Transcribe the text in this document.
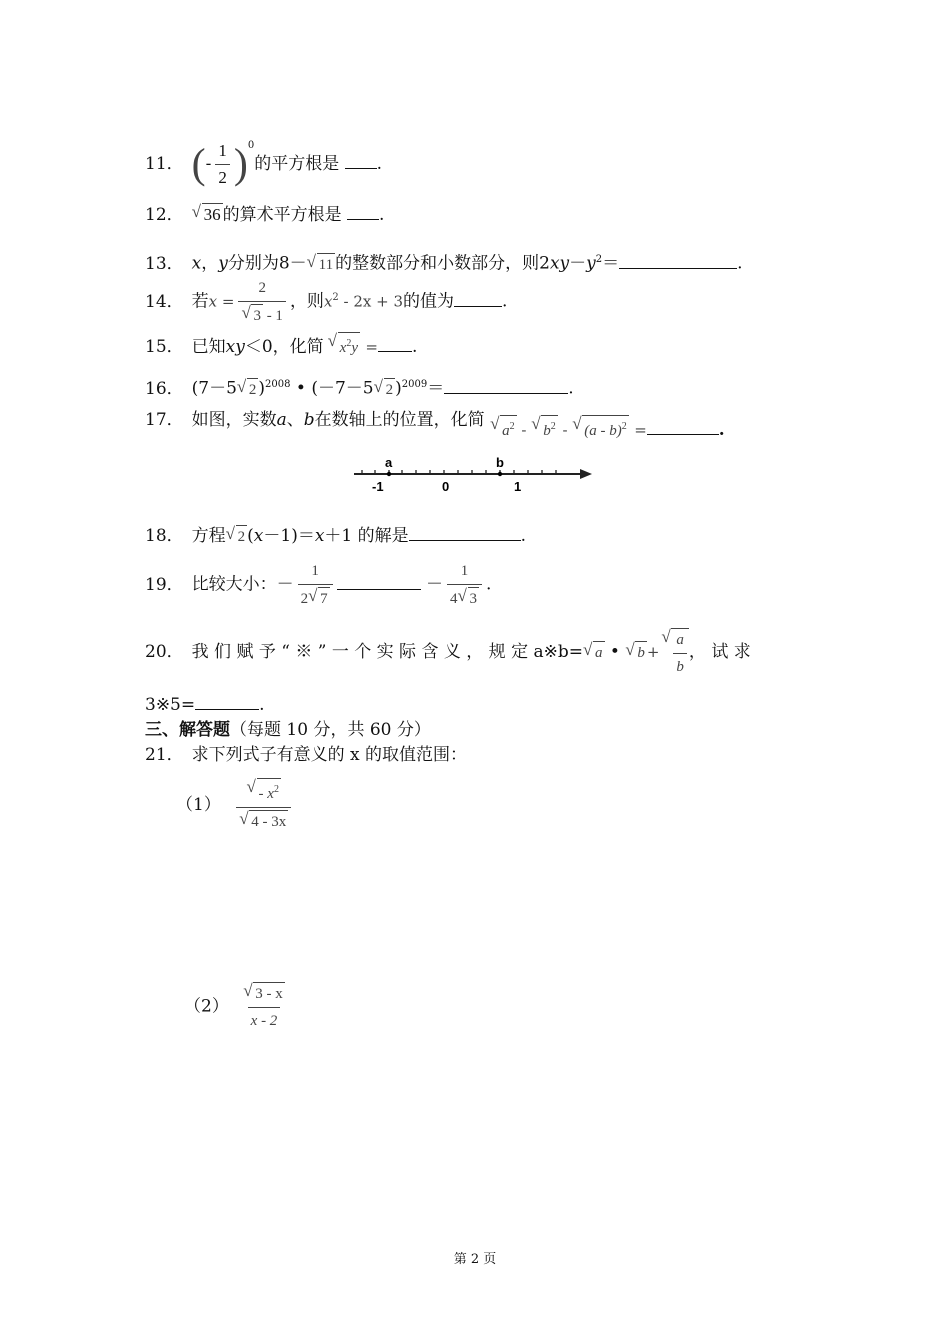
11． (- $\frac{1}{2} )^0$的平方根是 .
12． √ 36 的算术平方根是 .
13． x，y分别为8－ √ 11 的整数部分和小数部分，则$2xy-y^2=$	.
14． 若x = 2
√ 3 - 1 ，则$x^2 - 2x + 3$的值为	.
15． 已知xy＜0，化简 √ $x^2y$ = .
16． (7－5 √ 2 )$^{2008}$ • (－7－5 √ 2 )$^{2009}$＝	.
17． 如图，实数a、b在数轴上的位置，化简 √ $a^2$ - √ $b^2$ - √ (a - b)$^2$ =	.
a	b
-1	0	1
18． 方程 √ 2 (x－1)＝x＋1 的解是	.
19． 比较大小：－ $\frac{1}{2 √ 7}$	－ $\frac{1}{4 √ 3}$ .
20． 我 们 赋 予 “ ※ ” 一 个 实 际 含 义 ， 规 定 a※b= √ a • √ b + √ $\frac{a}{b}$ ， 试 求
3※5=	.
三、解答题（每题 10 分，共 60 分）
21． 求下列式子有意义的 x 的取值范围：
（1） √ - $x^2$
√ 4 - 3x
（2） √ $\frac{3 - x}{x - 2}$
第 2 页
